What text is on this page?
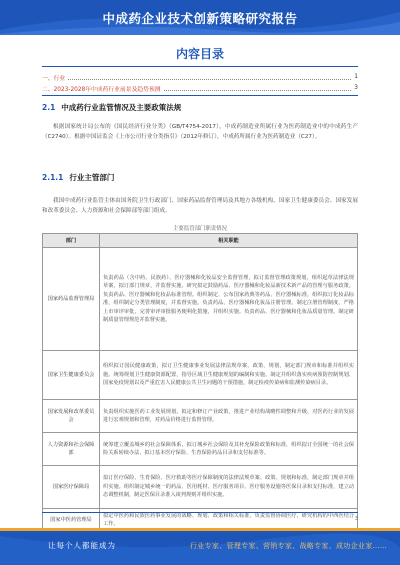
中成药企业技术创新策略研究报告
内容目录
一、行业	1
二、2023-2028年中成药行业前景及趋势预测	3
2.1 中成药行业监管情况及主要政策法规
根据国家统计局公布的《国民经济行业分类》（GB/T4754-2017），中成药制造业所属行业为医药制造业中的中成药生产（C2740）。根据中国证监会《上市公司行业分类指引》（2012年修订），中成药所属行业为医药制造业（C27）。
2.1.1 行业主管部门
我国中成药行业监管主体由国务院卫生行政部门、国家药品监督管理局及其地方各级机构、国家卫生健康委员会、国家发展和改革委员会、人力资源和社会保障部等部门组成。
主要监管部门职责情况
部门	相关职能
国家药品监督管理局	负责药品（含中药、民族药）、医疗器械和化妆品安全监督管理，拟订监督管理政策规划，组织起草法律法规草案，拟订部门规章，并监督实施。研究拟定鼓励药品、医疗器械和化妆品新技术新产品的管理与服务政策。负责药品、医疗器械和化妆品标准管理。组织制定、公布国家药典等药品、医疗器械标准，组织拟订化妆品标准，组织制定分类管理制度，并监督实施。负责药品、医疗器械和化妆品注册管理。制定注册管理制度，严格上市审评审批，完善审评审批服务便利化措施，并组织实施。负责药品、医疗器械和化妆品质量管理。制定研制质量管理规范并监督实施。
国家卫生健康委员会	组织拟订国民健康政策，拟订卫生健康事业发展法律法规草案、政策、规划，制定部门规章和标准并组织实施。统筹规划卫生健康资源配置，指导区域卫生健康规划的编制和实施。制定并组织落实疾病预防控制规划、国家免疫规划以及严重危害人民健康公共卫生问题的干预措施，制定检疫传染病和监测传染病目录。
国家发展和改革委员会	负责组织实施医药工业发展规划，拟定和修订产业政策，推进产业结构战略性调整和升级，对医药行业的发展进行宏观规划和管理，对药品价格进行监督管理。
人力资源和社会保障部	统筹建立覆盖城乡的社会保障体系，拟订城乡社会保险及其补充保险政策和标准，组织拟订全国统一的社会保险关系转续办法，拟订基本医疗保险、生育保险药品目录和支付标准等。
国家医疗保障局	拟订医疗保险、生育保险、医疗救助等医疗保障制度的法律法规草案、政策、规划和标准，制定部门规章并组织实施。组织制定城乡统一的药品、医用耗材、医疗服务项目、医疗服务设施等医保目录和支付标准，建立动态调整机制，制定医保目录准入谈判规则并组织实施。
国家中医药管理局	拟定中医药和民族医药事业发展的战略、规划、政策和相关标准，负责监督协调医疗、研究机构的中西医结合工作。
3
让每个人都能成为	行业专家、管理专家、营销专家、战略专家、成功企业家……
